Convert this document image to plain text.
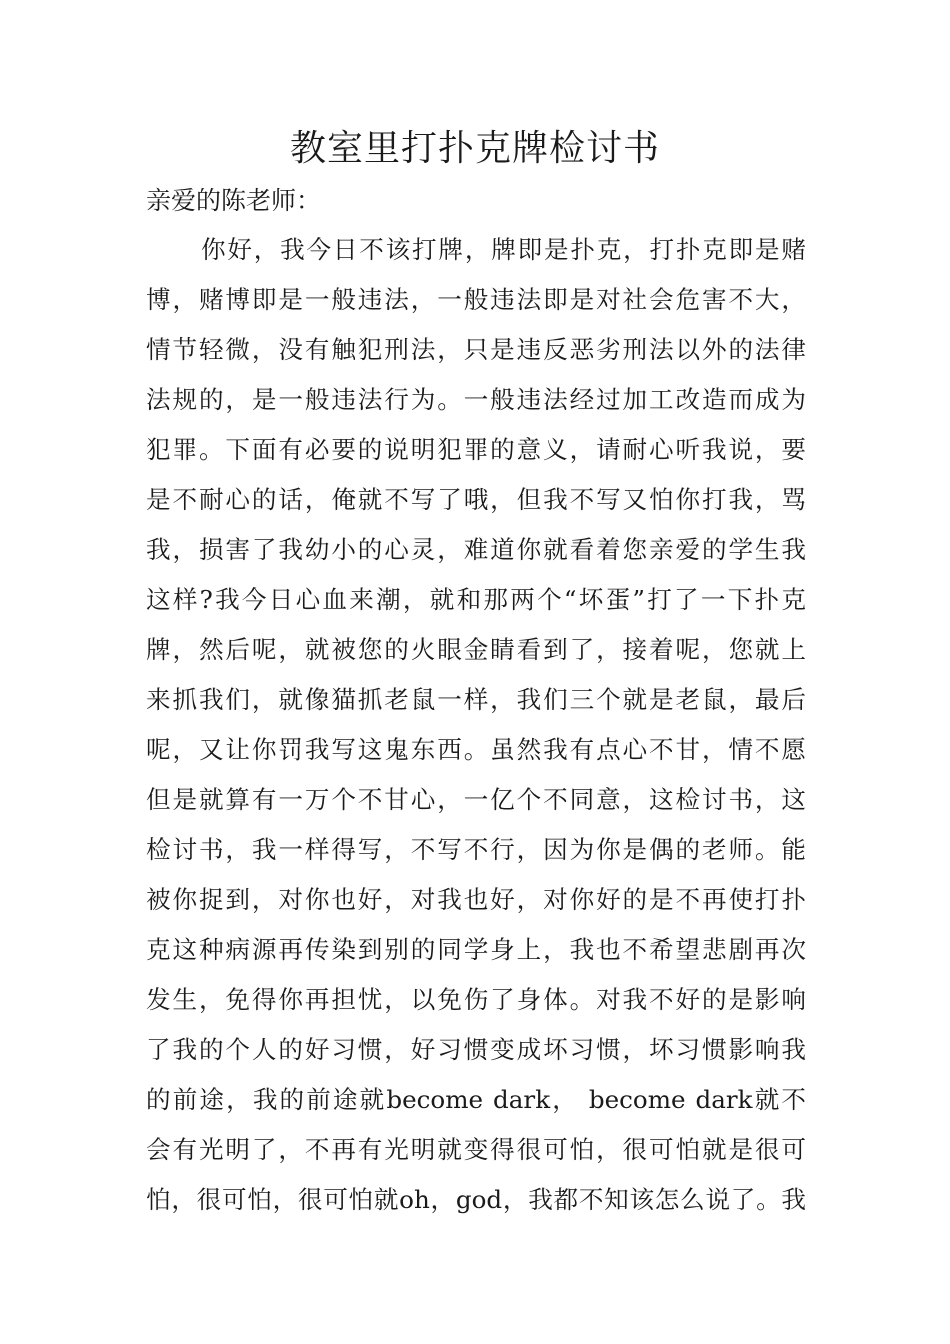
教室里打扑克牌检讨书

亲爱的陈老师：

你好，我今日不该打牌，牌即是扑克，打扑克即是赌
博，赌博即是一般违法，一般违法即是对社会危害不大，
情节轻微，没有触犯刑法，只是违反恶劣刑法以外的法律
法规的，是一般违法行为。一般违法经过加工改造而成为
犯罪。下面有必要的说明犯罪的意义，请耐心听我说，要
是不耐心的话，俺就不写了哦，但我不写又怕你打我，骂
我，损害了我幼小的心灵，难道你就看着您亲爱的学生我
这样?我今日心血来潮，就和那两个“坏蛋”打了一下扑克
牌，然后呢，就被您的火眼金睛看到了，接着呢，您就上
来抓我们，就像猫抓老鼠一样，我们三个就是老鼠，最后
呢，又让你罚我写这鬼东西。虽然我有点心不甘，情不愿
但是就算有一万个不甘心，一亿个不同意，这检讨书，这
检讨书，我一样得写，不写不行，因为你是偶的老师。能
被你捉到，对你也好，对我也好，对你好的是不再使打扑
克这种病源再传染到别的同学身上，我也不希望悲剧再次
发生，免得你再担忧，以免伤了身体。对我不好的是影响
了我的个人的好习惯，好习惯变成坏习惯，坏习惯影响我
的前途，我的前途就become dark， become dark就不
会有光明了，不再有光明就变得很可怕，很可怕就是很可
怕，很可怕，很可怕就oh，god，我都不知该怎么说了。我
